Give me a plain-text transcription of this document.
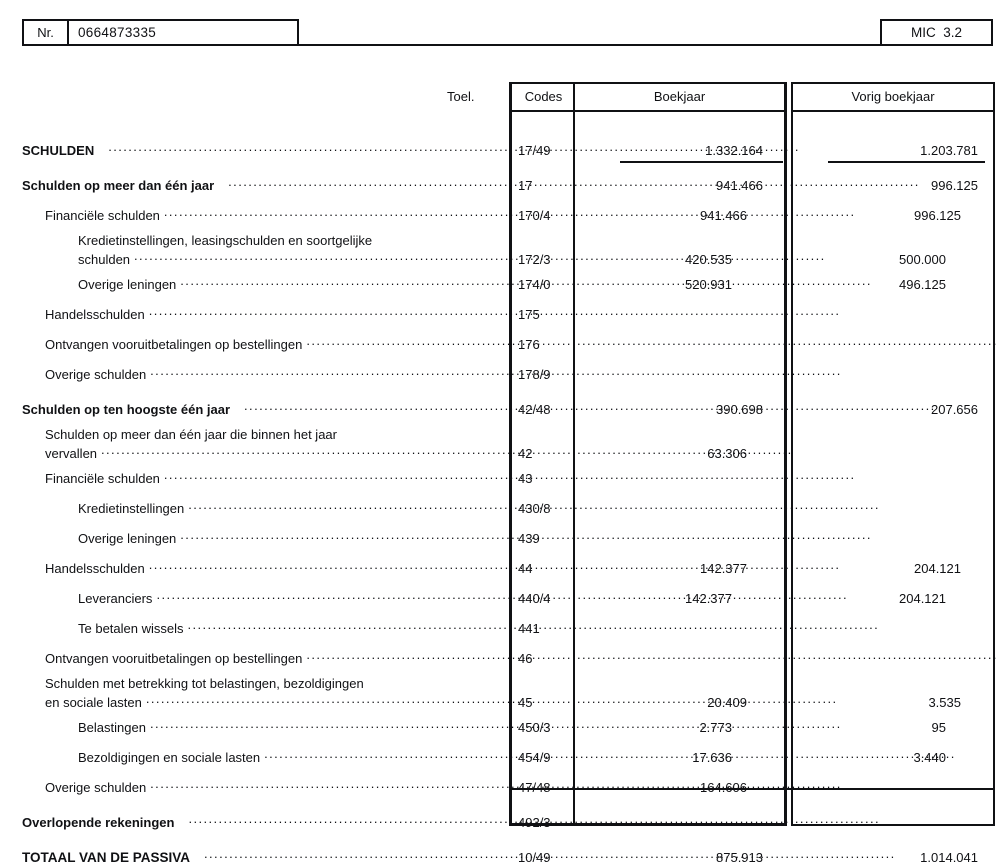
Nr.	0664873335	MIC  3.2
Toel.	Codes	Boekjaar	Vorig boekjaar
SCHULDEN .....	17/49	1.332.164	1.203.781
Schulden op meer dan één jaar .....	17	941.466	996.125
Financiële schulden .....	170/4	941.466	996.125
Kredietinstellingen, leasingschulden en soortgelijke
schulden .....	172/3	420.535	500.000
Overige leningen .....	174/0	520.931	496.125
Handelsschulden .....	175
Ontvangen vooruitbetalingen op bestellingen .....	176
Overige schulden .....	178/9
Schulden op ten hoogste één jaar .....	42/48	390.698	207.656
Schulden op meer dan één jaar die binnen het jaar
vervallen .....	42	63.306
Financiële schulden .....	43
Kredietinstellingen .....	430/8
Overige leningen .....	439
Handelsschulden .....	44	142.377	204.121
Leveranciers .....	440/4	142.377	204.121
Te betalen wissels .....	441
Ontvangen vooruitbetalingen op bestellingen .....	46
Schulden met betrekking tot belastingen, bezoldigingen
en sociale lasten .....	45	20.409	3.535
Belastingen .....	450/3	2.773	95
Bezoldigingen en sociale lasten .....	454/9	17.636	3.440
Overige schulden .....	47/48	164.606
Overlopende rekeningen .....	492/3
TOTAAL VAN DE PASSIVA .....	10/49	875.913	1.014.041
